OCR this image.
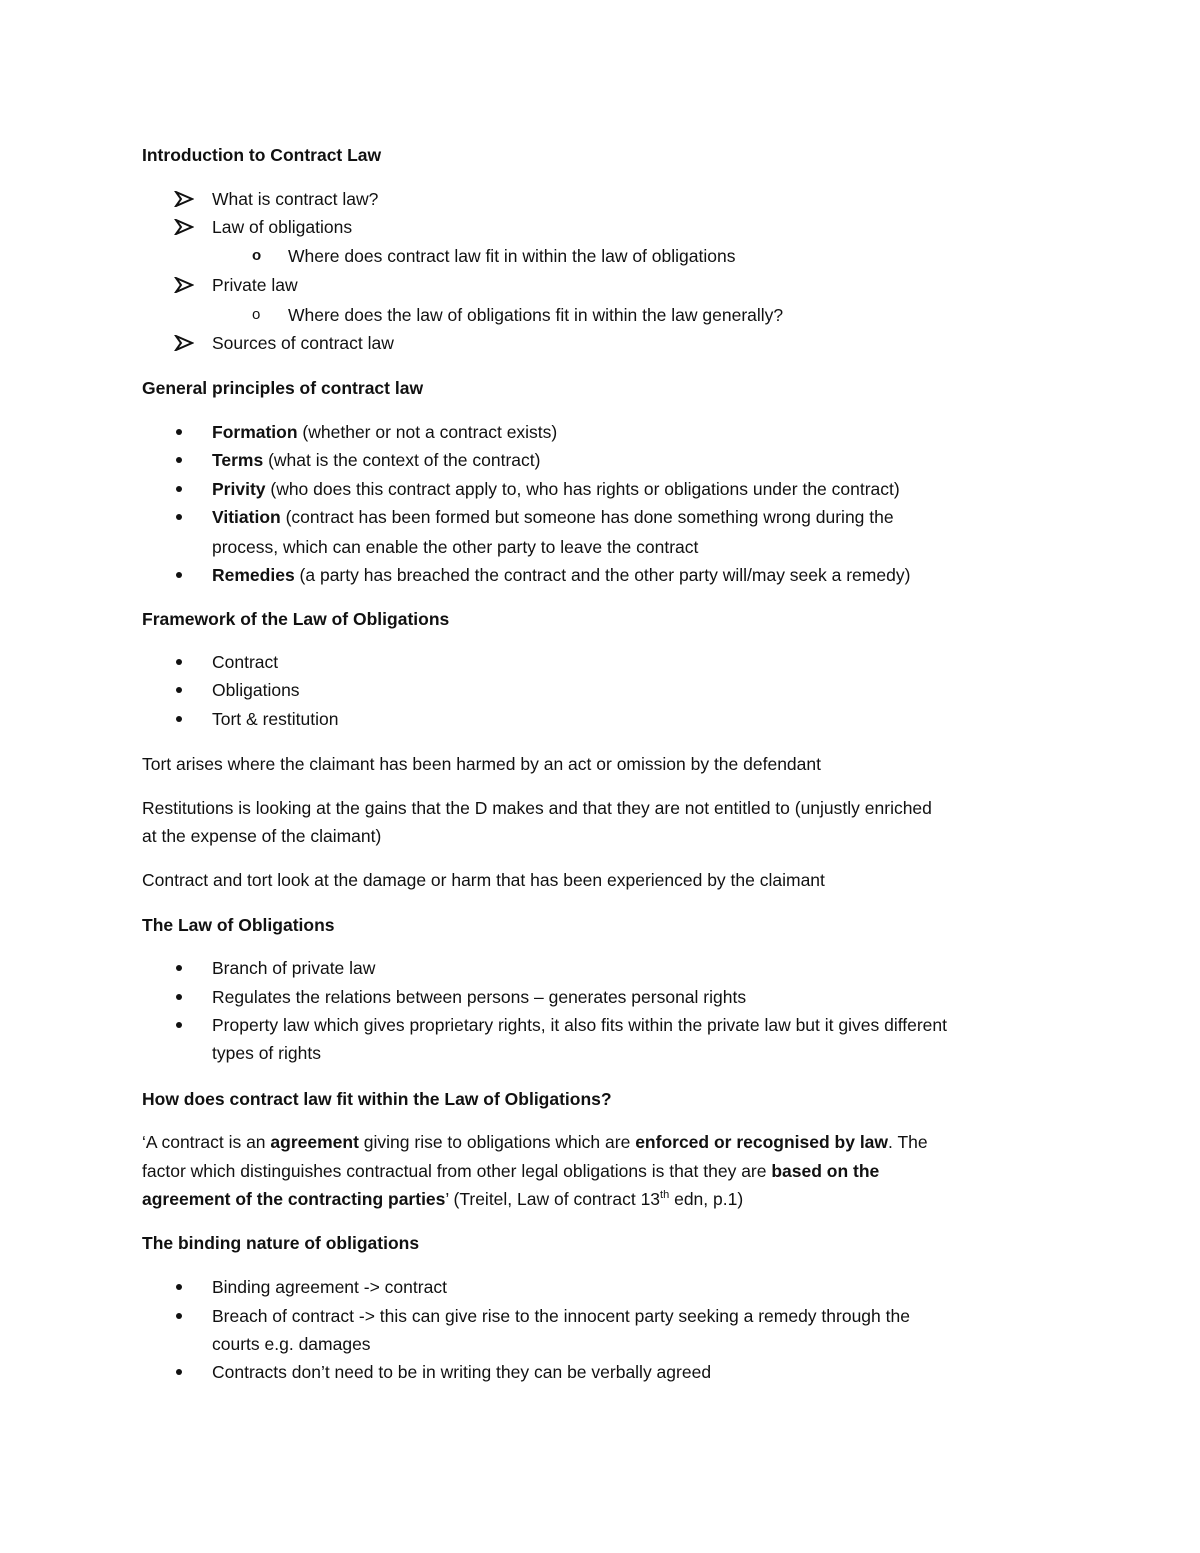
Introduction to Contract Law
What is contract law?
Law of obligations
o Where does contract law fit in within the law of obligations
Private law
o Where does the law of obligations fit in within the law generally?
Sources of contract law
General principles of contract law
Formation (whether or not a contract exists)
Terms (what is the context of the contract)
Privity (who does this contract apply to, who has rights or obligations under the contract)
Vitiation (contract has been formed but someone has done something wrong during the
process, which can enable the other party to leave the contract
Remedies (a party has breached the contract and the other party will/may seek a remedy)
Framework of the Law of Obligations
Contract
Obligations
Tort & restitution
Tort arises where the claimant has been harmed by an act or omission by the defendant
Restitutions is looking at the gains that the D makes and that they are not entitled to (unjustly enriched
at the expense of the claimant)
Contract and tort look at the damage or harm that has been experienced by the claimant
The Law of Obligations
Branch of private law
Regulates the relations between persons – generates personal rights
Property law which gives proprietary rights, it also fits within the private law but it gives different
types of rights
How does contract law fit within the Law of Obligations?
‘A contract is an agreement giving rise to obligations which are enforced or recognised by law. The
factor which distinguishes contractual from other legal obligations is that they are based on the
agreement of the contracting parties’ (Treitel, Law of contract 13th edn, p.1)
The binding nature of obligations
Binding agreement -> contract
Breach of contract -> this can give rise to the innocent party seeking a remedy through the
courts e.g. damages
Contracts don’t need to be in writing they can be verbally agreed
